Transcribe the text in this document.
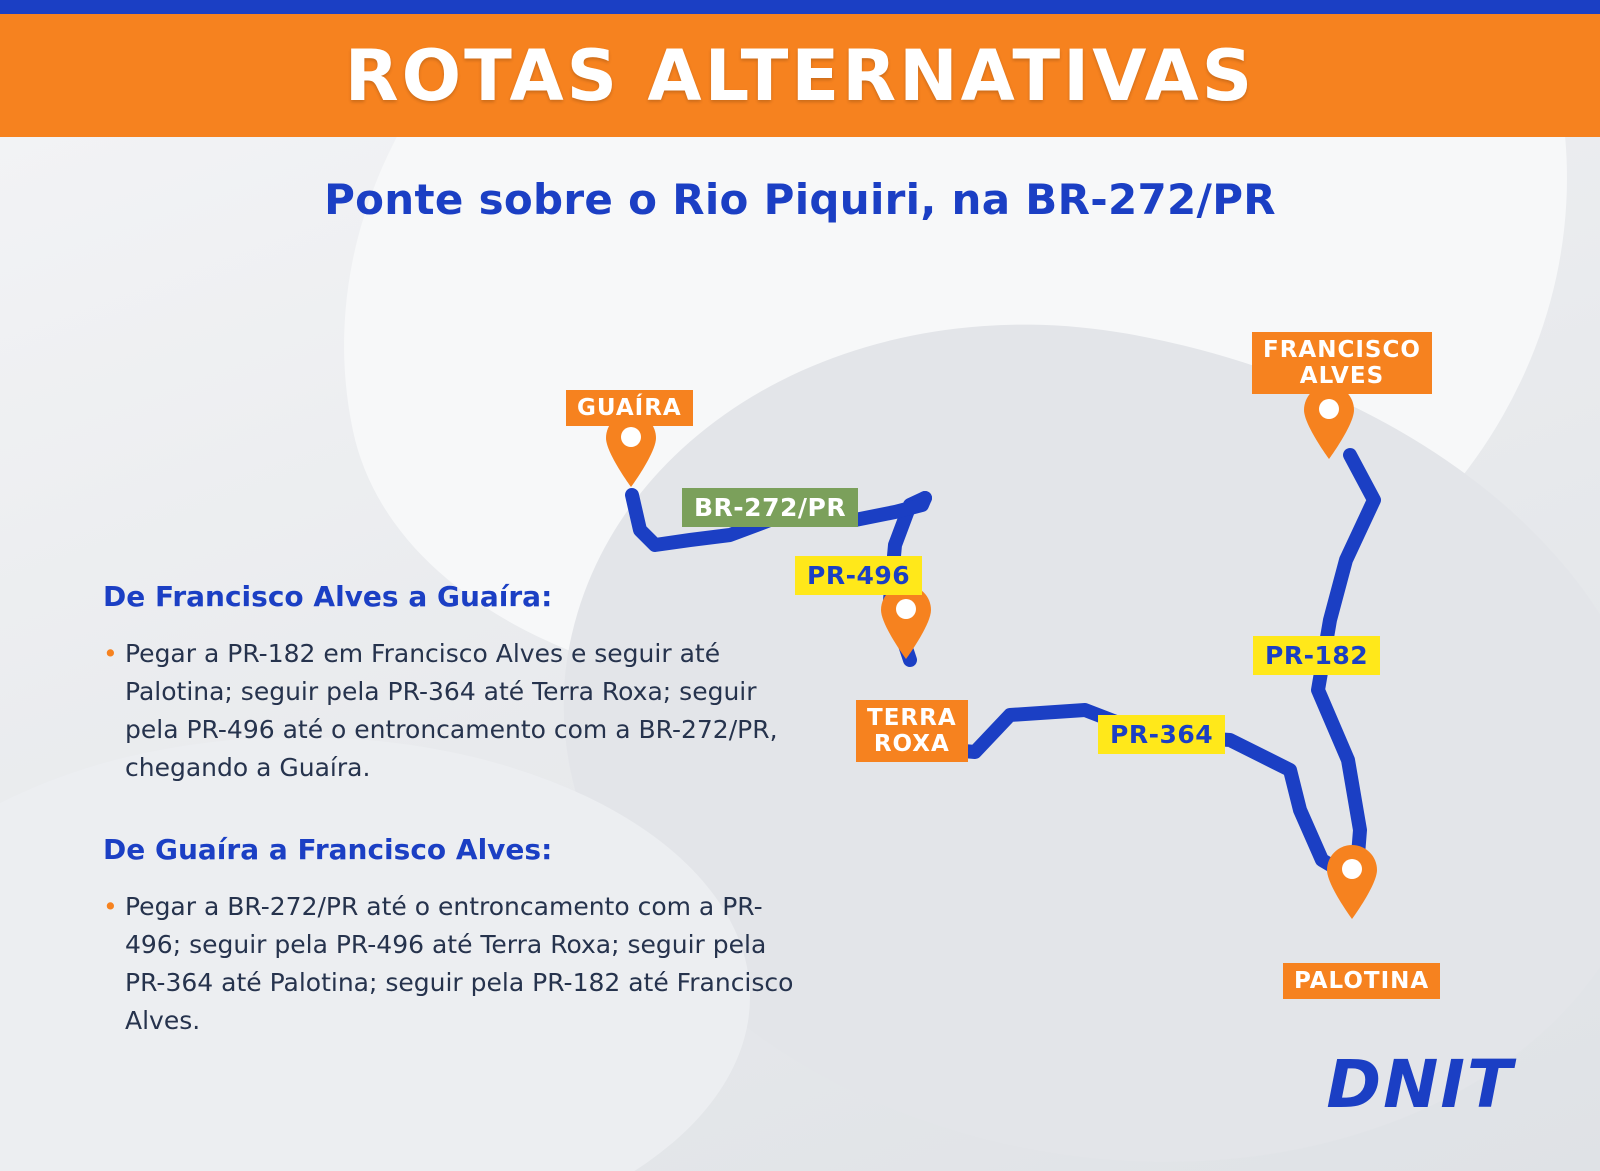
ROTAS ALTERNATIVAS
Ponte sobre o Rio Piquiri, na BR-272/PR
GUAÍRA
FRANCISCO
ALVES
TERRA
ROXA
PALOTINA
BR-272/PR
PR-496
PR-364
PR-182
De Francisco Alves a Guaíra:
• Pegar a PR-182 em Francisco Alves e seguir até Palotina; seguir pela PR-364 até Terra Roxa; seguir pela PR-496 até o entroncamento com a BR-272/PR, chegando a Guaíra.
De Guaíra a Francisco Alves:
• Pegar a BR-272/PR até o entroncamento com a PR-496; seguir pela PR-496 até Terra Roxa; seguir pela PR-364 até Palotina; seguir pela PR-182 até Francisco Alves.
DNIT
